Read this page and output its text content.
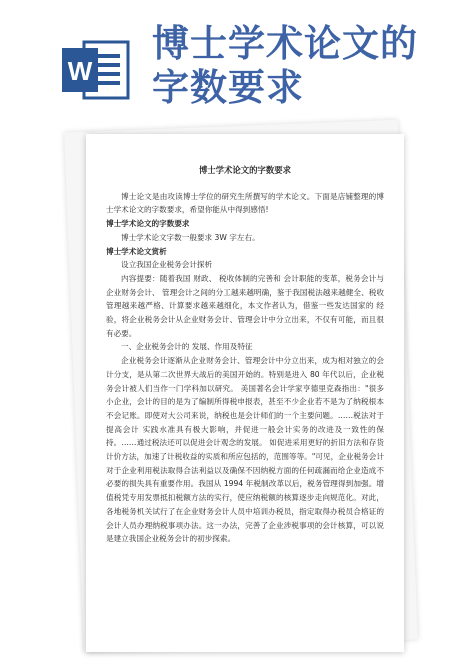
W
博士学术论文的字数要求
博士学术论文的字数要求

博士论文是由攻读博士学位的研究生所撰写的学术论文。下面是店铺整理的博士学术论文的字数要求，希望你能从中得到感悟!

博士学术论文的字数要求

博士学术论文字数一般要求 3W 字左右。

博士学术论文赏析

设立我国企业税务会计探析

内容提要：随着我国 财政、 税收体制的完善和 会计职能的变革，税务会计与企业财务会计、 管理会计之间的分工越来越明确，鉴于我国税法越来越健全、税收管理越来越严格、计算要求越来越细化，本文作者认为，借鉴一些发达国家的 经验，将企业税务会计从企业财务会计、管理会计中分立出来，不仅有可能，而且很有必要。

一、企业税务会计的 发展、作用及特征

企业税务会计逐渐从企业财务会计、管理会计中分立出来，成为相对独立的会计分支，是从第二次世界大战后的美国开始的。特别是进入 80 年代以后，企业税务会计被人们当作一门学科加以研究。 美国著名会计学家亨德里克森指出："很多小企业，会计的目的是为了编制所得税申报表，甚至不少企业若不是为了纳税根本不会记账。即使对大公司来说，纳税也是会计师们的一个主要问题。……税法对于提高会计 实践水准具有极大影响，并促进一般会计实务的改进及一致性的保持。……通过税法还可以促进会计观念的发展。 如促进采用更好的折旧方法和存货计价方法，加速了计税收益的实质和所应包括的，范围等等。"可见，企业税务会计对于企业利用税法取得合法利益以及确保不因纳税方面的任何疏漏而给企业造成不必要的损失具有重要作用。我国从 1994 年税制改革以后，税务管理得到加强。增值税凭专用发票抵扣税额方法的实行，使应纳税额的核算逐步走向规范化。对此，各地税务机关试行了在企业财务会计人员中培训办税员，指定取得办税员合格证的会计人员办理纳税事项办法。这一办法，完善了企业涉税事项的会计核算，可以说是建立我国企业税务会计的初步探索。
